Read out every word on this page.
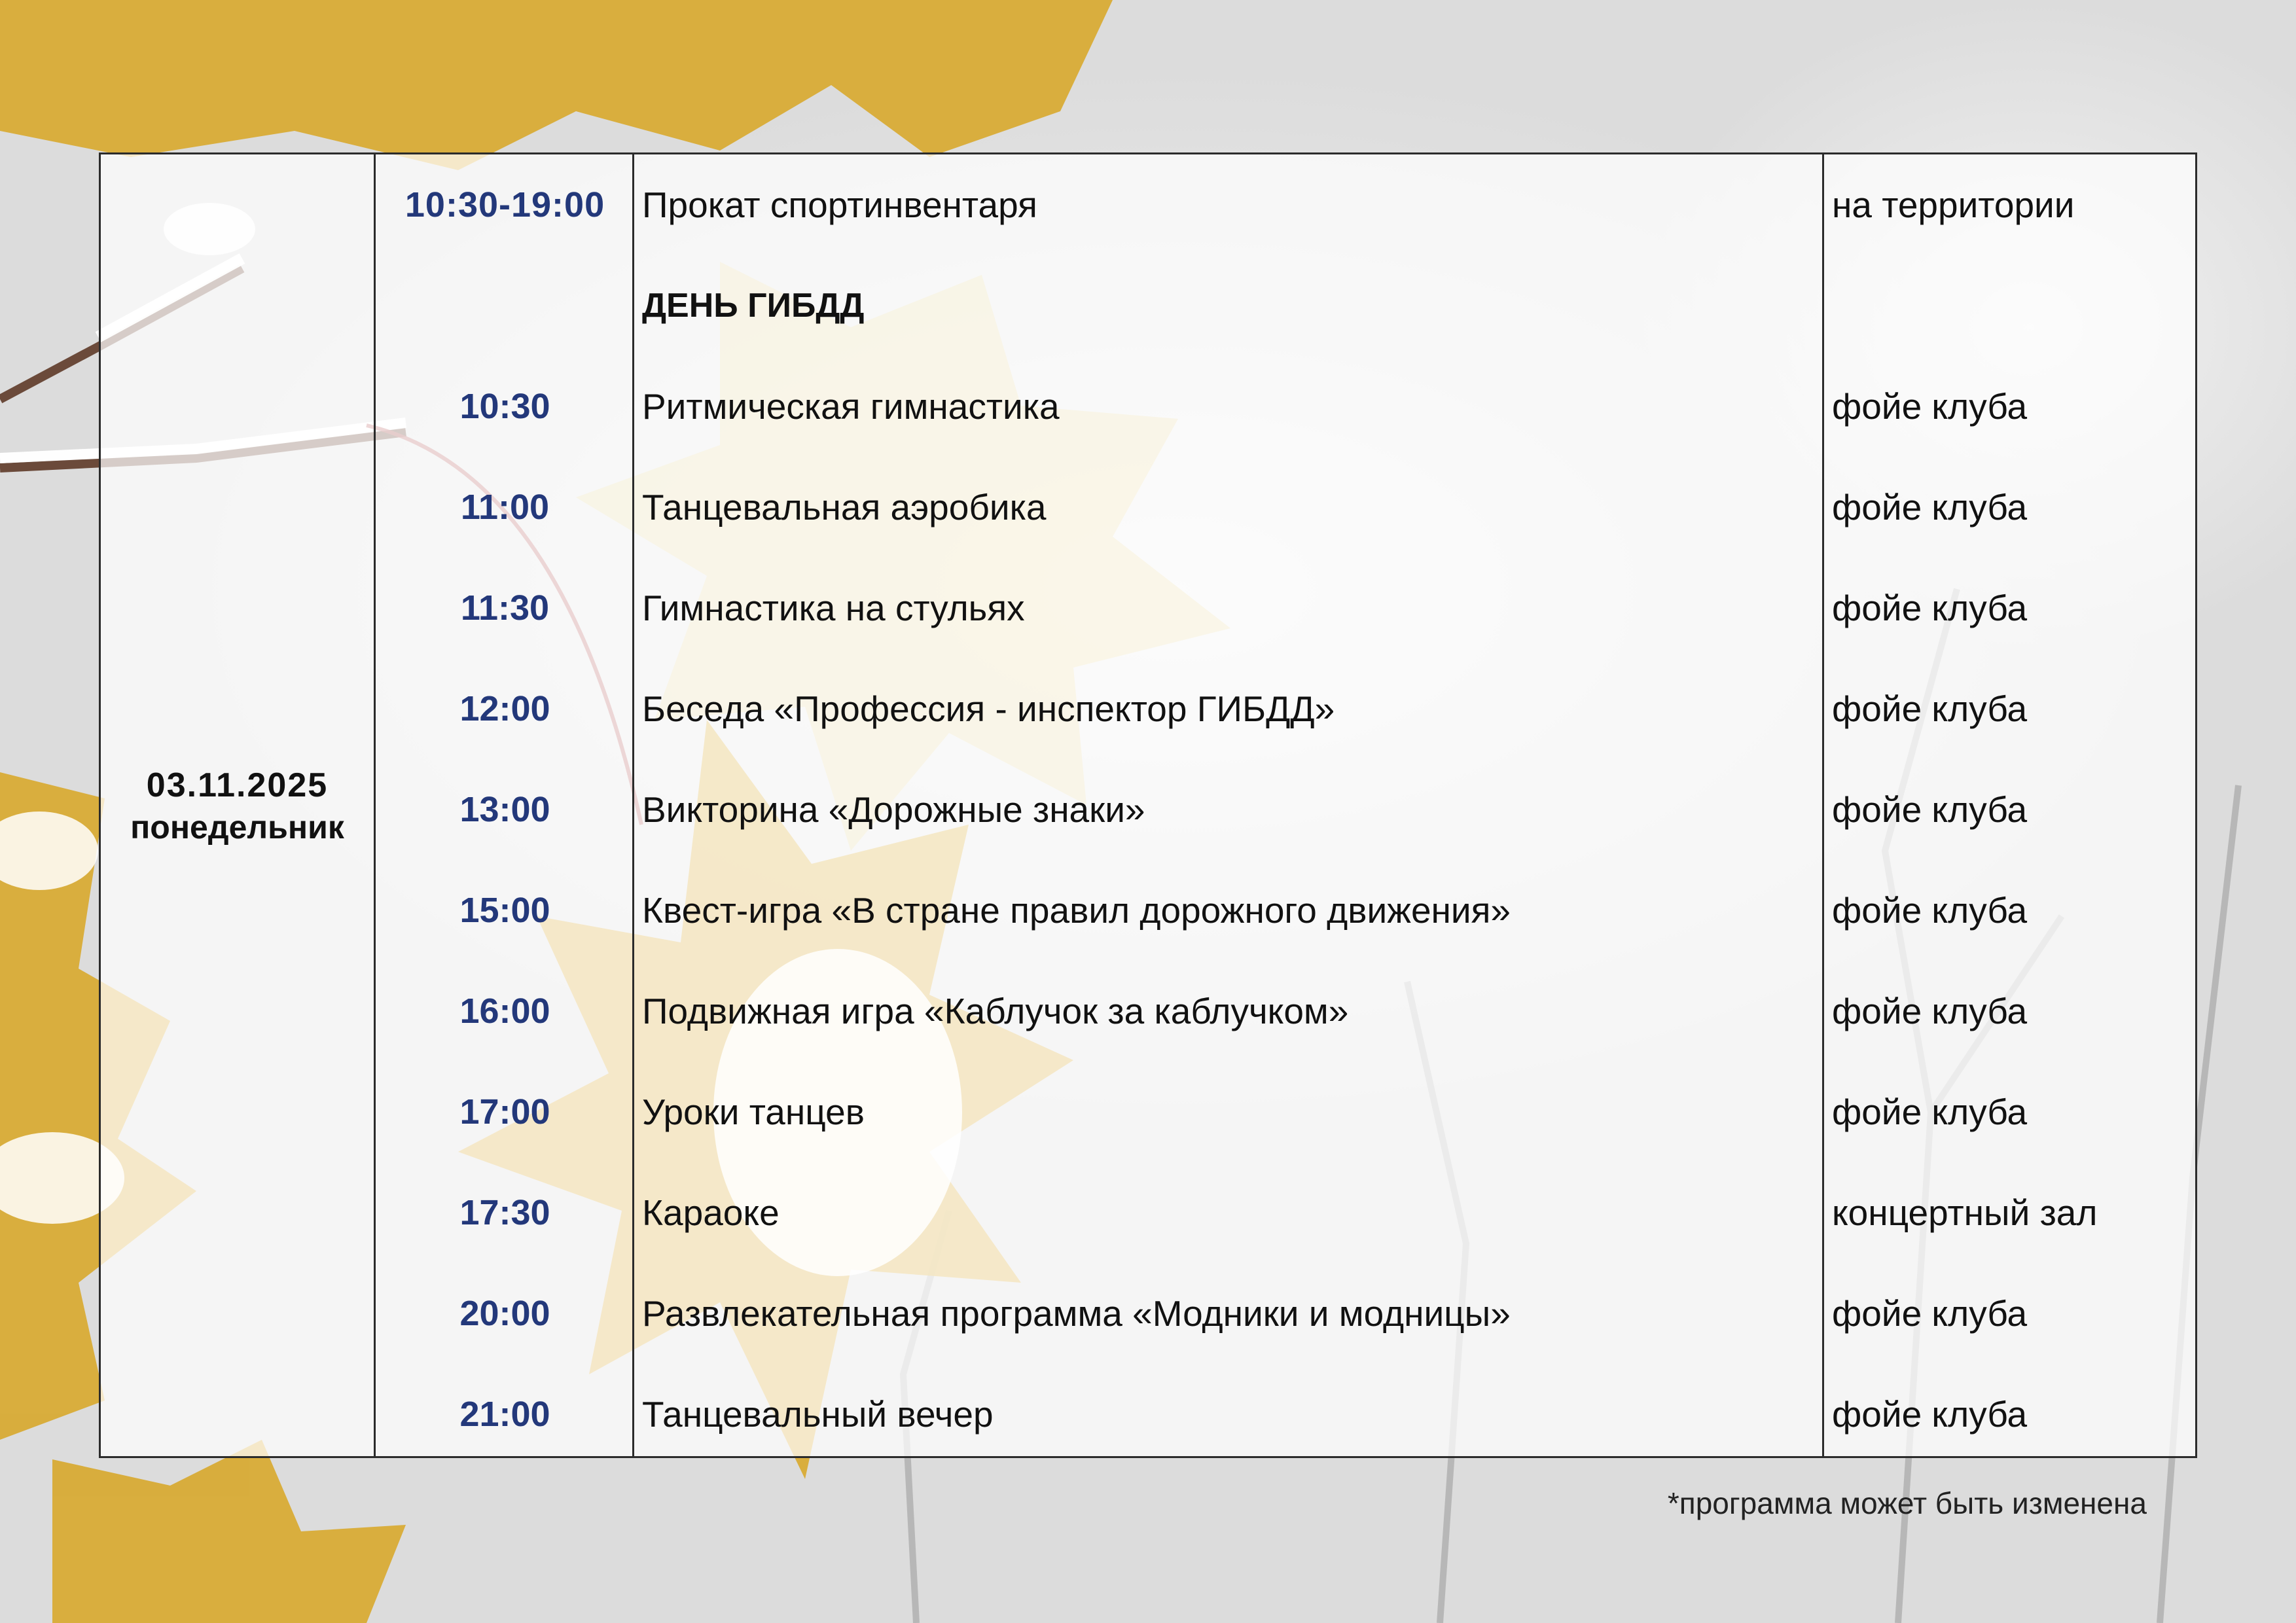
03.11.2025
понедельник
10:30-19:00
10:30
11:00
11:30
12:00
13:00
15:00
16:00
17:00
17:30
20:00
21:00
Прокат спортинвентаря
ДЕНЬ ГИБДД
Ритмическая гимнастика
Танцевальная аэробика
Гимнастика на стульях
Беседа «Профессия - инспектор ГИБДД»
Викторина «Дорожные знаки»
Квест-игра «В стране правил дорожного движения»
Подвижная игра «Каблучок за каблучком»
Уроки танцев
Караоке
Развлекательная программа «Модники и модницы»
Танцевальный вечер
на территории
фойе клуба
фойе клуба
фойе клуба
фойе клуба
фойе клуба
фойе клуба
фойе клуба
фойе клуба
концертный зал
фойе клуба
фойе клуба
*программа может быть изменена
